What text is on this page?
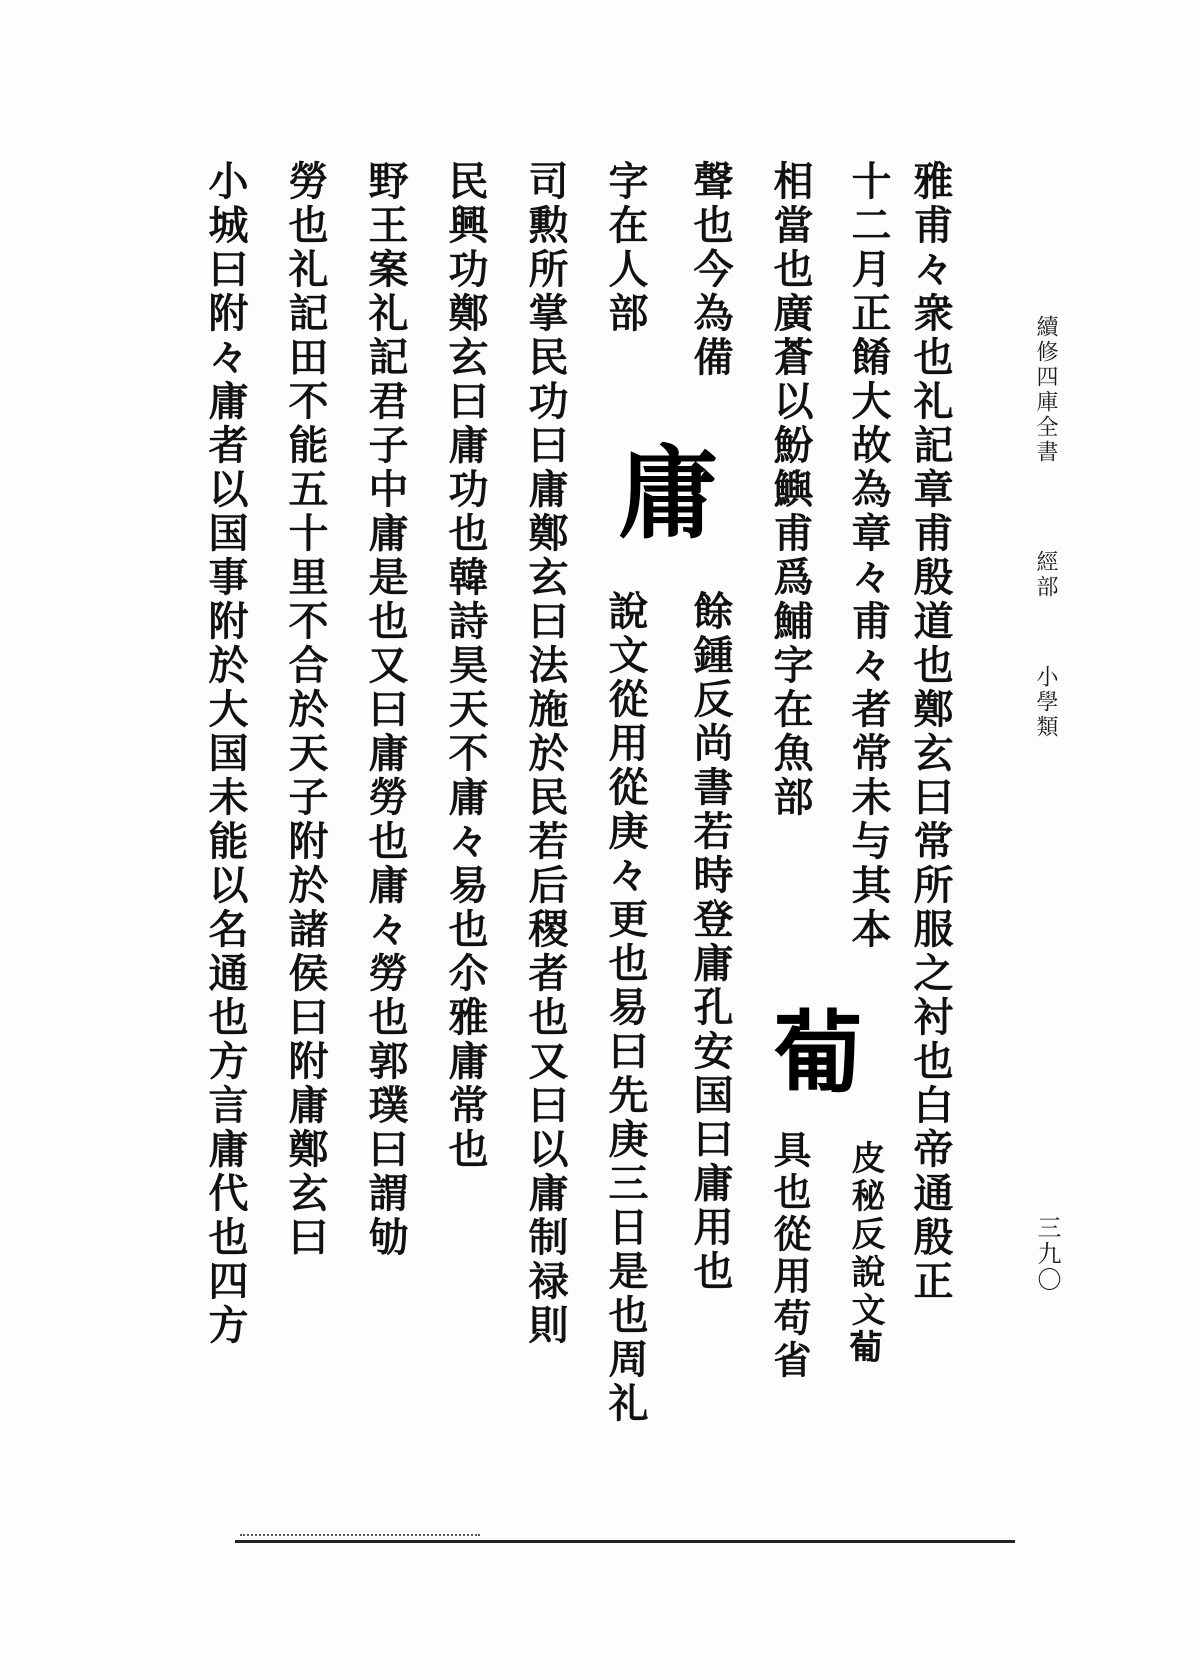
續修四庫全書
經部
小學類
三九〇
雅甫々衆也礼記章甫殷道也鄭玄曰常所服之衬也白帝通殷正
十二月正餚大故為章々甫々者常未与其本
𤰈
皮秘反說文𤰈
相當也廣蒼以魵鱮甫爲鯆字在魚部
具也從用苟省
聲也今為備
庸
餘鍾反尚書若時登庸孔安国曰庸用也
字在人部
說文從用從庚々更也易曰先庚三日是也周礼
司勲所掌民功曰庸鄭玄曰法施於民若后稷者也又曰以庸制禄則
民興功鄭玄曰庸功也韓詩昊天不庸々易也尒雅庸常也
野王案礼記君子中庸是也又曰庸勞也庸々勞也郭璞曰謂劬
勞也礼記田不能五十里不合於天子附於諸侯曰附庸鄭玄曰
小城曰附々庸者以国事附於大国未能以名通也方言庸代也四方
